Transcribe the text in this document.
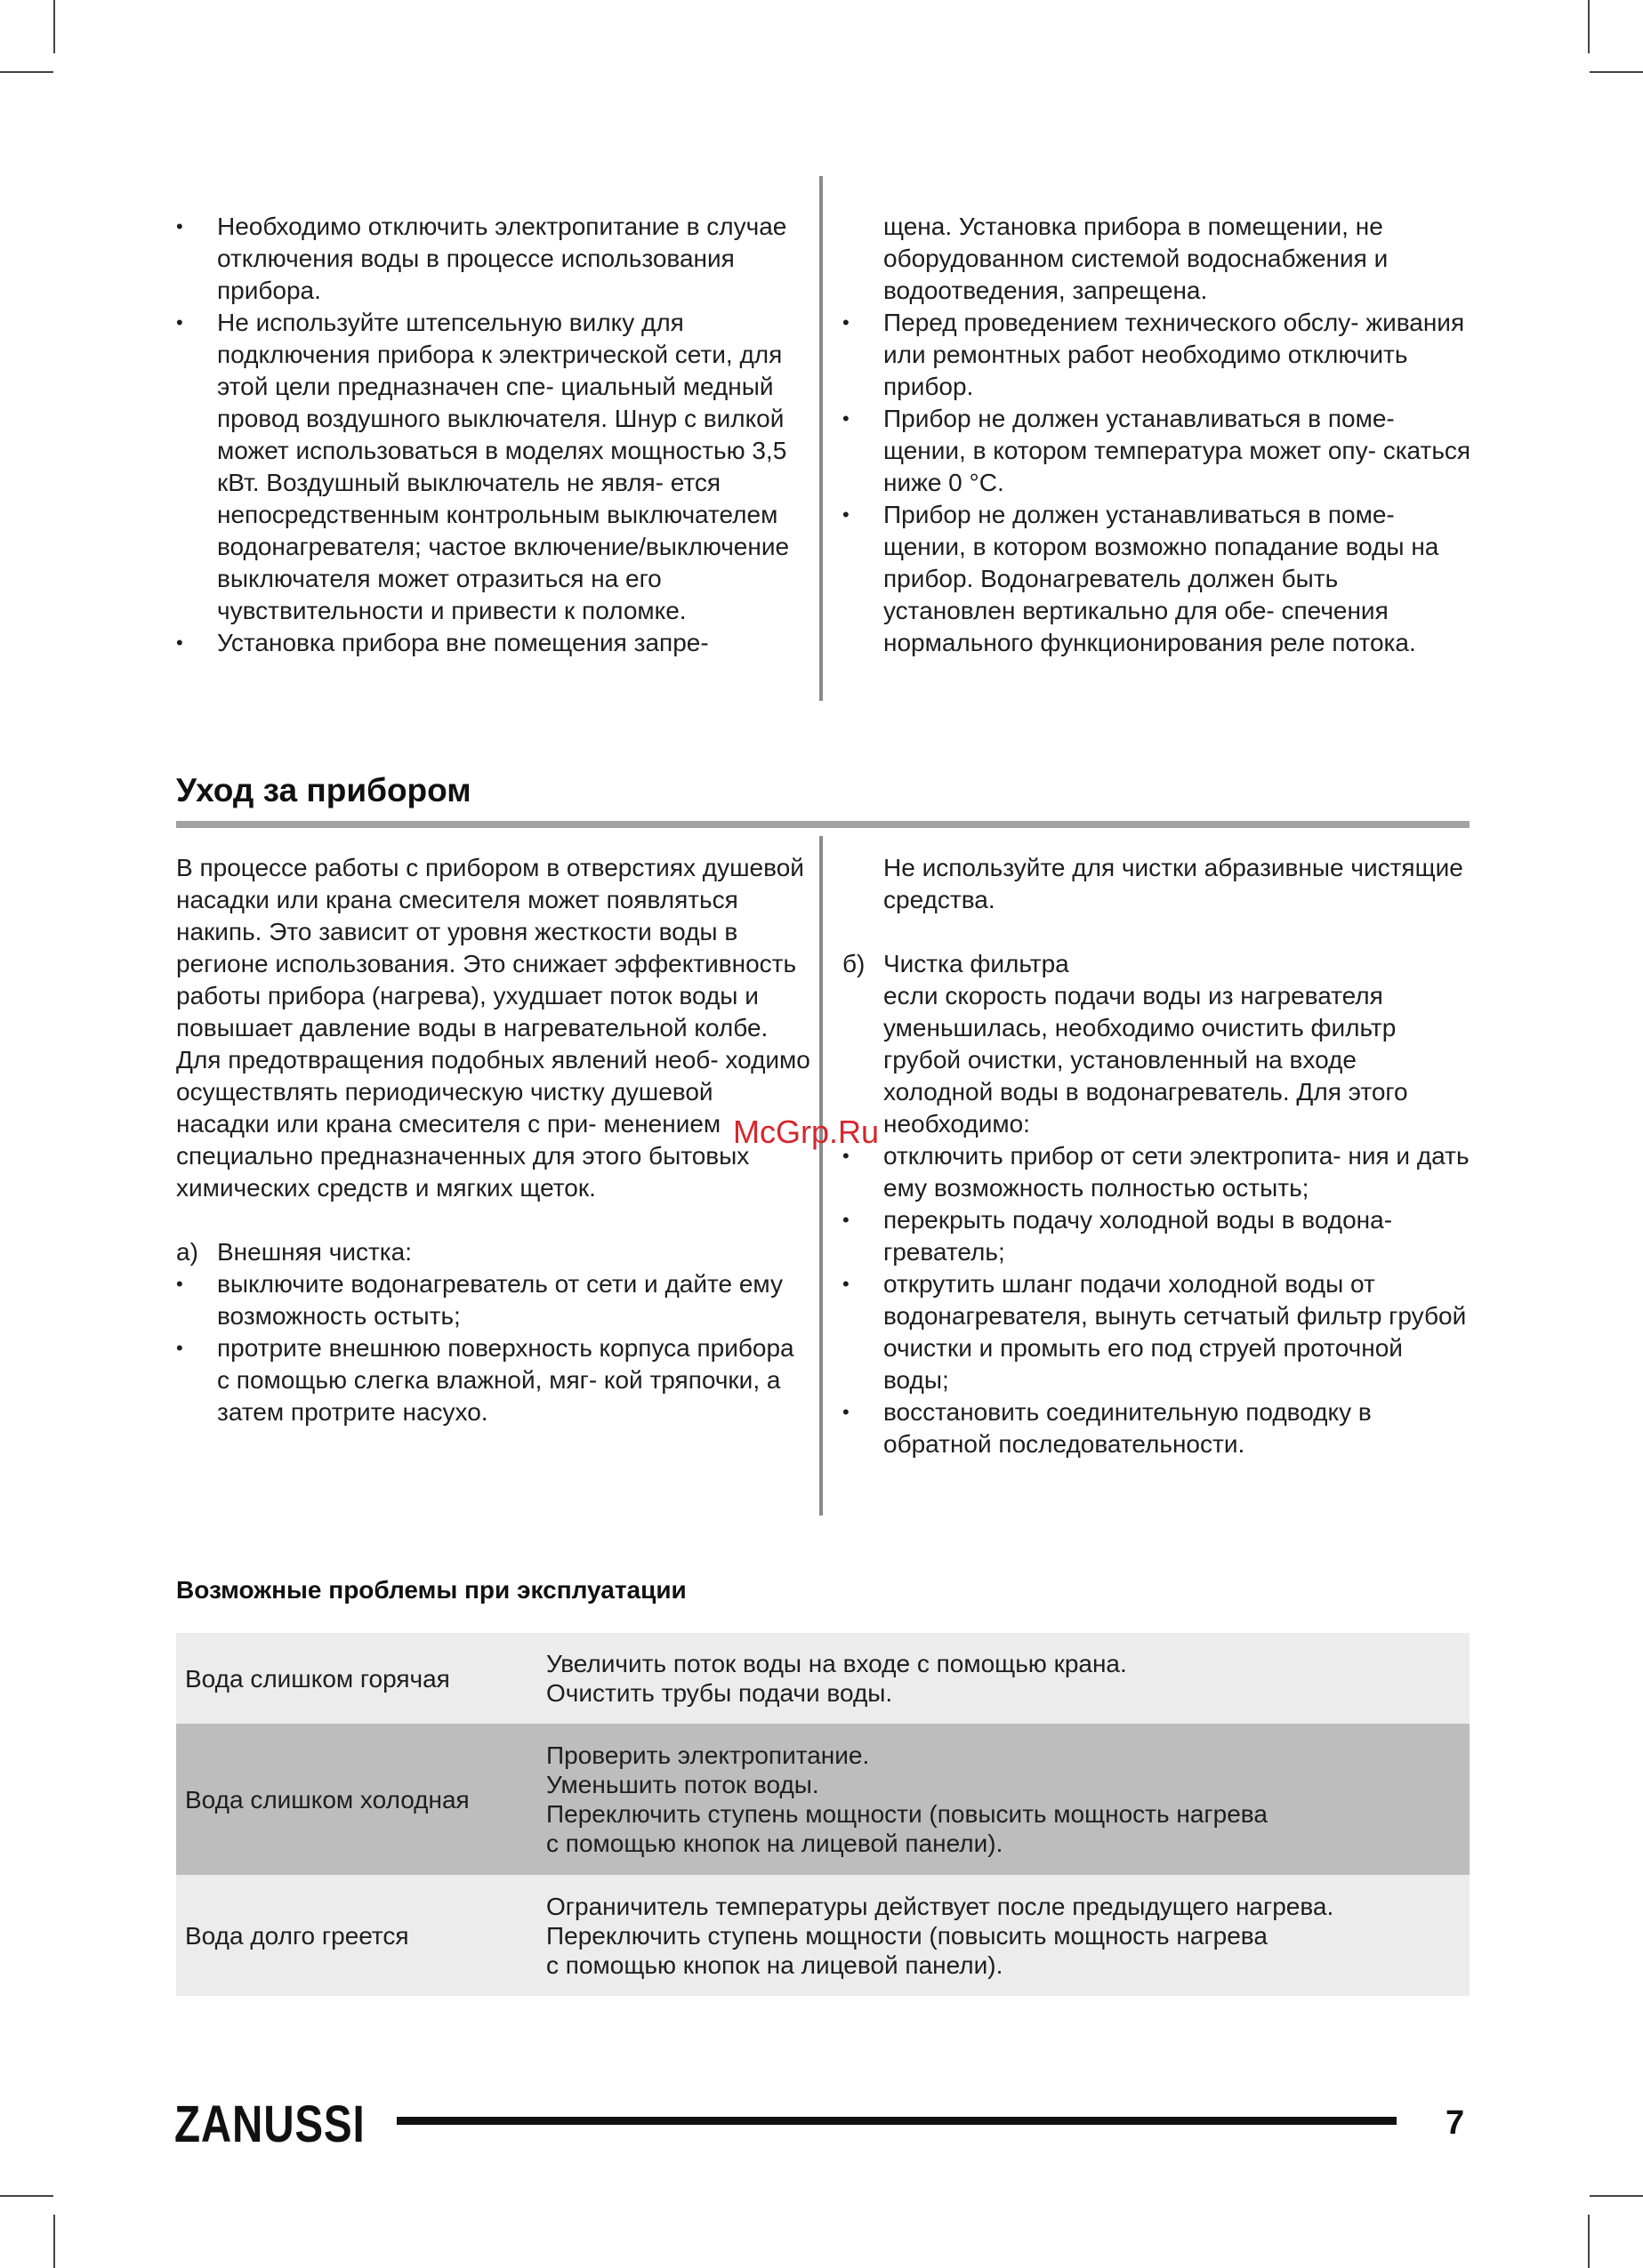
• Необходимо отключить электропитание в случае отключения воды в процессе использования прибора.
• Не используйте штепсельную вилку для подключения прибора к электрической сети, для этой цели предназначен спе- циальный медный провод воздушного выключателя. Шнур с вилкой может использоваться в моделях мощностью 3,5 кВт. Воздушный выключатель не явля- ется непосредственным контрольным выключателем водонагревателя; частое включение/выключение выключателя может отразиться на его чувствительности и привести к поломке.
• Установка прибора вне помещения запре-

щена. Установка прибора в помещении, не оборудованном системой водоснабжения и водоотведения, запрещена.

• Перед проведением технического обслу- живания или ремонтных работ необходимо отключить прибор.
• Прибор не должен устанавливаться в поме- щении, в котором температура может опу- скаться ниже 0 °C.
• Прибор не должен устанавливаться в поме- щении, в котором возможно попадание воды на прибор. Водонагреватель должен быть установлен вертикально для обе- спечения нормального функционирования реле потока.
Уход за прибором

В процессе работы с прибором в отверстиях душевой насадки или крана смесителя может появляться накипь. Это зависит от уровня жесткости воды в регионе использования. Это снижает эффективность работы прибора (нагрева), ухудшает поток воды и повышает давление воды в нагревательной колбе.

Для предотвращения подобных явлений необ- ходимо осуществлять периодическую чистку душевой насадки или крана смесителя с при- менением специально предназначенных для этого бытовых химических средств и мягких щеток.

а) Внешняя чистка:
• выключите водонагреватель от сети и дайте ему возможность остыть;
• протрите внешнюю поверхность корпуса прибора с помощью слегка влажной, мяг- кой тряпочки, а затем протрите насухо.

Не используйте для чистки абразивные чистящие средства.

б) Чистка фильтра

если скорость подачи воды из нагревателя уменьшилась, необходимо очистить фильтр грубой очистки, установленный на входе холодной воды в водонагреватель. Для этого необходимо:

• отключить прибор от сети электропита- ния и дать ему возможность полностью остыть;
• перекрыть подачу холодной воды в водона- греватель;
• открутить шланг подачи холодной воды от водонагревателя, вынуть сетчатый фильтр грубой очистки и промыть его под струей проточной воды;
• восстановить соединительную подводку в обратной последовательности.
McGrp.Ru
Возможные проблемы при эксплуатации
Вода слишком горячая	Увеличить поток воды на входе с помощью крана.
Очистить трубы подачи воды.

Вода слишком холодная	Проверить электропитание.
Уменьшить поток воды.
Переключить ступень мощности (повысить мощность нагрева
с помощью кнопок на лицевой панели).

Вода долго греется	Ограничитель температуры действует после предыдущего нагрева.
Переключить ступень мощности (повысить мощность нагрева
с помощью кнопок на лицевой панели).
ZANUSSI	7
